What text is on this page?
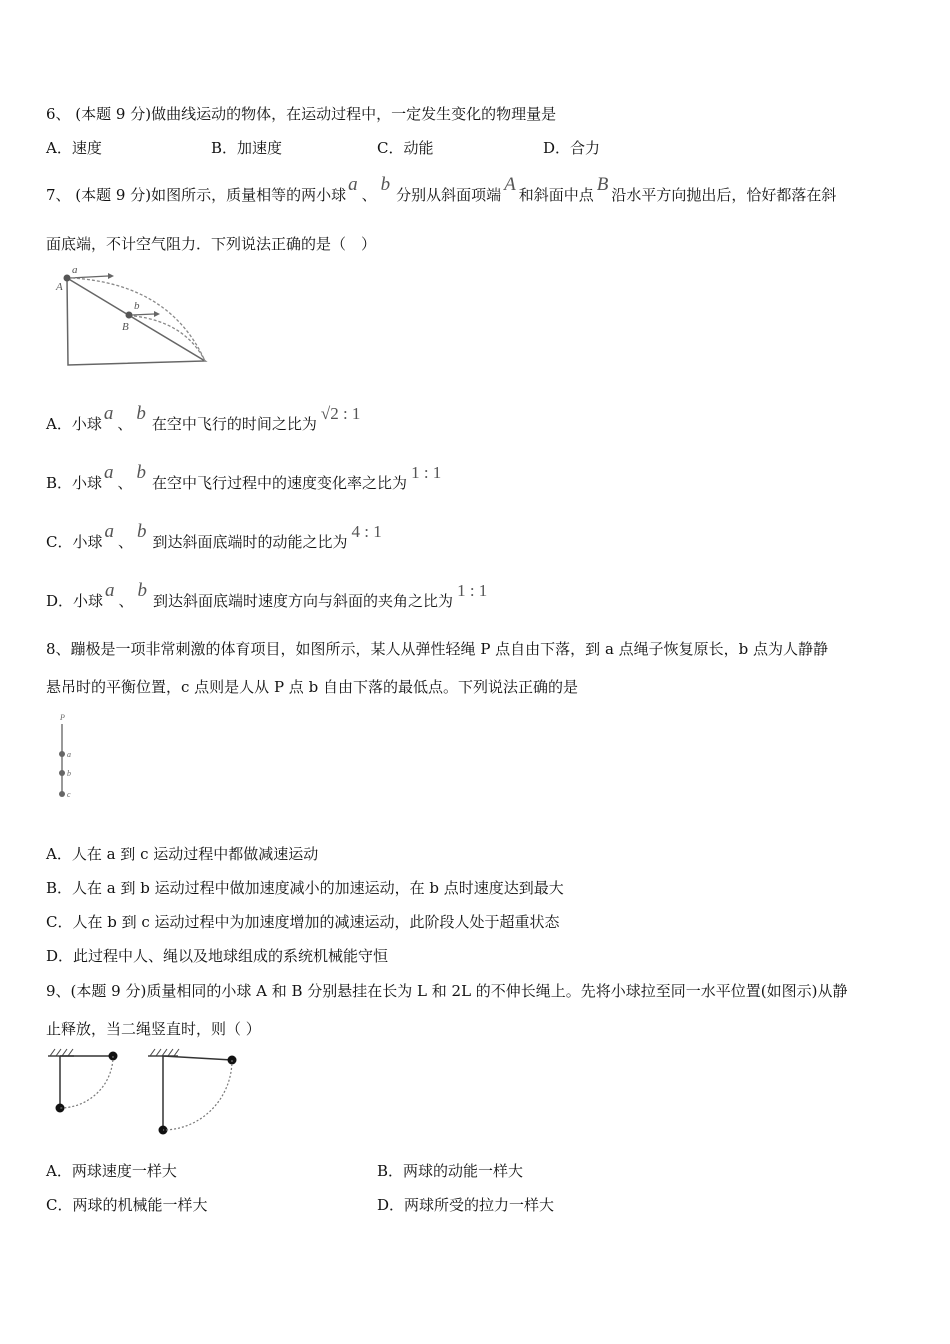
6、 (本题 9 分)做曲线运动的物体，在运动过程中，一定发生变化的物理量是
A．速度	B．加速度	C．动能	D．合力
7、 (本题 9 分)如图所示，质量相等的两小球 a 、 b 分别从斜面项端 A 和斜面中点 B 沿水平方向抛出后，恰好都落在斜
面底端，不计空气阻力．下列说法正确的是（　）
a
A
b
B
A．小球 a 、 b 在空中飞行的时间之比为√2 : 1
B．小球 a 、 b 在空中飞行过程中的速度变化率之比为1 : 1
C．小球 a 、 b 到达斜面底端时的动能之比为4 : 1
D．小球 a 、 b 到达斜面底端时速度方向与斜面的夹角之比为1 : 1
8、蹦极是一项非常刺激的体育项目，如图所示，某人从弹性轻绳 P 点自由下落，到 a 点绳子恢复原长，b 点为人静静
悬吊时的平衡位置，c 点则是人从 P 点 b 自由下落的最低点。下列说法正确的是
P
a
b
c
A．人在 a 到 c 运动过程中都做减速运动
B．人在 a 到 b 运动过程中做加速度减小的加速运动，在 b 点时速度达到最大
C．人在 b 到 c 运动过程中为加速度增加的减速运动，此阶段人处于超重状态
D．此过程中人、绳以及地球组成的系统机械能守恒
9、(本题 9 分)质量相同的小球 A 和 B 分别悬挂在长为 L 和 2L 的不伸长绳上。先将小球拉至同一水平位置(如图示)从静
止释放，当二绳竖直时，则（ ）
A．两球速度一样大	B．两球的动能一样大
C．两球的机械能一样大	D．两球所受的拉力一样大
